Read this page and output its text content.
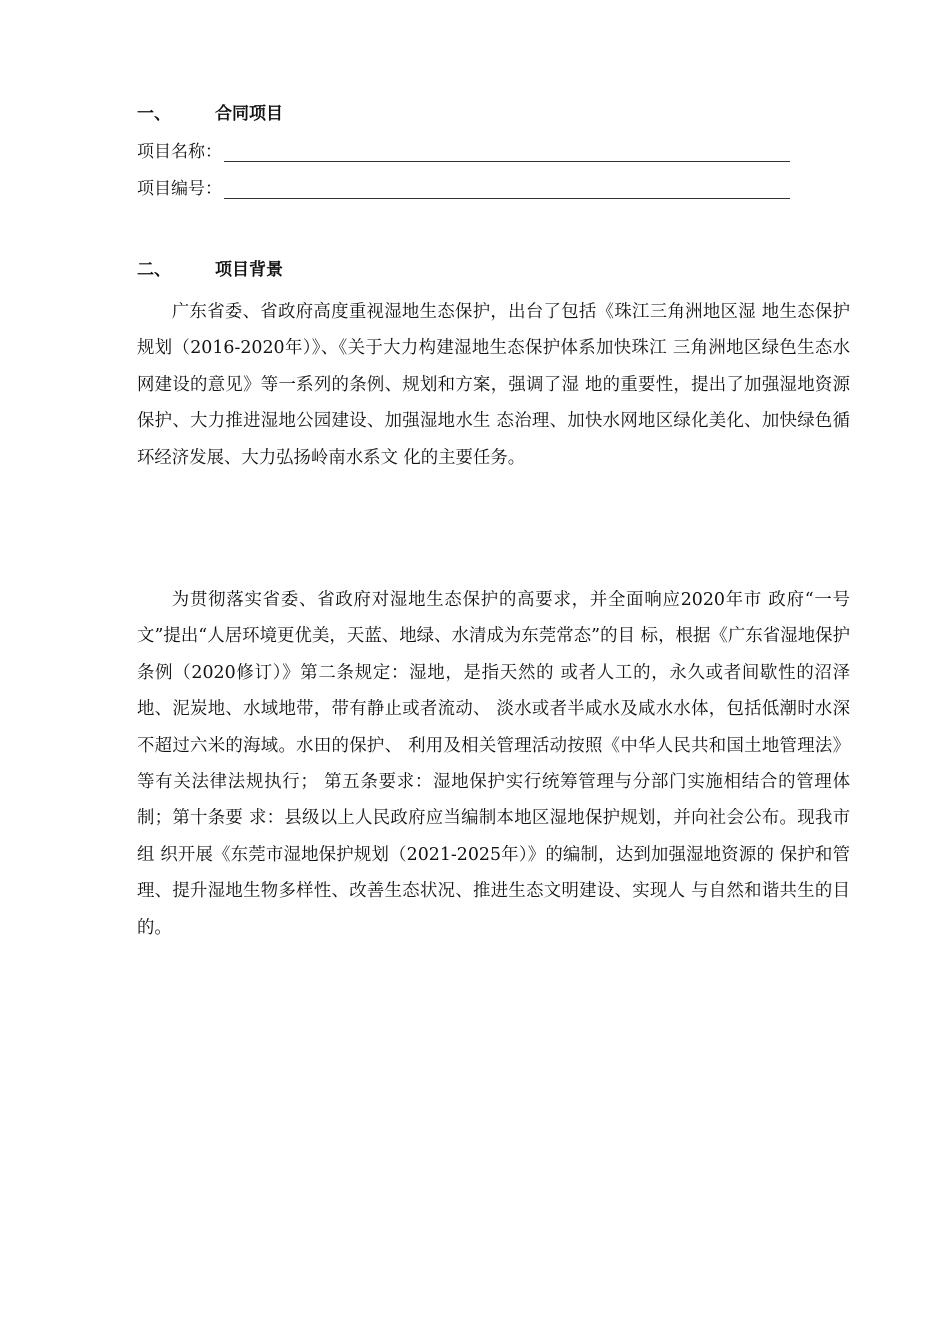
一、	合同项目
项目名称：
项目编号：
二、	项目背景

广东省委、省政府高度重视湿地生态保护，出台了包括《珠江三角洲地区湿 地生态保护规划（2016-2020年）》、《关于大力构建湿地生态保护体系加快珠江 三角洲地区绿色生态水网建设的意见》等一系列的条例、规划和方案，强调了湿 地的重要性，提出了加强湿地资源保护、大力推进湿地公园建设、加强湿地水生 态治理、加快水网地区绿化美化、加快绿色循环经济发展、大力弘扬岭南水系文 化的主要任务。

为贯彻落实省委、省政府对湿地生态保护的高要求，并全面响应2020年市 政府“一号文”提出“人居环境更优美，天蓝、地绿、水清成为东莞常态”的目 标，根据《广东省湿地保护条例（2020修订）》第二条规定：湿地，是指天然的 或者人工的，永久或者间歇性的沼泽地、泥炭地、水域地带，带有静止或者流动、 淡水或者半咸水及咸水水体，包括低潮时水深不超过六米的海域。水田的保护、 利用及相关管理活动按照《中华人民共和国土地管理法》等有关法律法规执行； 第五条要求：湿地保护实行统筹管理与分部门实施相结合的管理体制；第十条要 求：县级以上人民政府应当编制本地区湿地保护规划，并向社会公布。现我市组 织开展《东莞市湿地保护规划（2021-2025年）》的编制，达到加强湿地资源的 保护和管理、提升湿地生物多样性、改善生态状况、推进生态文明建设、实现人 与自然和谐共生的目的。
